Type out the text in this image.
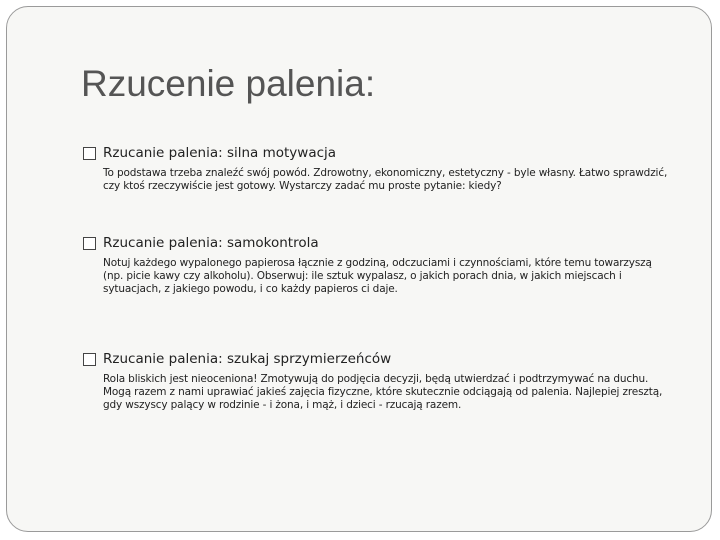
Rzucenie palenia:
Rzucanie palenia: silna motywacja
To podstawa trzeba znaleźć swój powód. Zdrowotny, ekonomiczny, estetyczny - byle własny. Łatwo sprawdzić, czy ktoś rzeczywiście jest gotowy. Wystarczy zadać mu proste pytanie: kiedy?
Rzucanie palenia: samokontrola
Notuj każdego wypalonego papierosa łącznie z godziną, odczuciami i czynnościami, które temu towarzyszą (np. picie kawy czy alkoholu). Obserwuj: ile sztuk wypalasz, o jakich porach dnia, w jakich miejscach i sytuacjach, z jakiego powodu, i co każdy papieros ci daje.
Rzucanie palenia: szukaj sprzymierzeńców
Rola bliskich jest nieoceniona! Zmotywują do podjęcia decyzji, będą utwierdzać i podtrzymywać na duchu. Mogą razem z nami uprawiać jakieś zajęcia fizyczne, które skutecznie odciągają od palenia. Najlepiej zresztą, gdy wszyscy palący w rodzinie - i żona, i mąż, i dzieci - rzucają razem.
